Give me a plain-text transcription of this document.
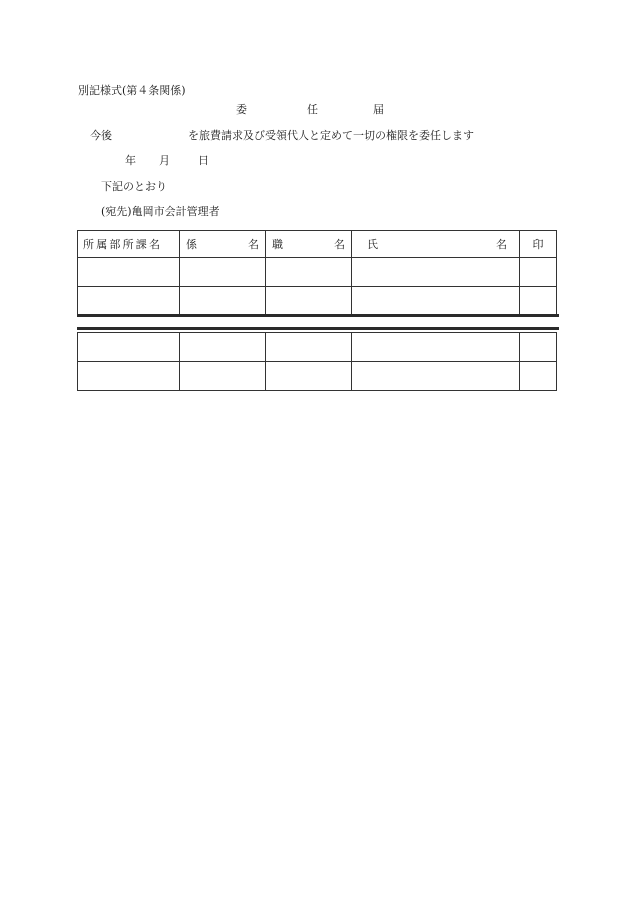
別記様式(第４条関係)
委	任	届
今後	を旅費請求及び受領代人と定めて一切の権限を委任します
年 月	日
下記のとおり
(宛先)亀岡市会計管理者
所属部所課名	係 名	職 名	氏 名	印
